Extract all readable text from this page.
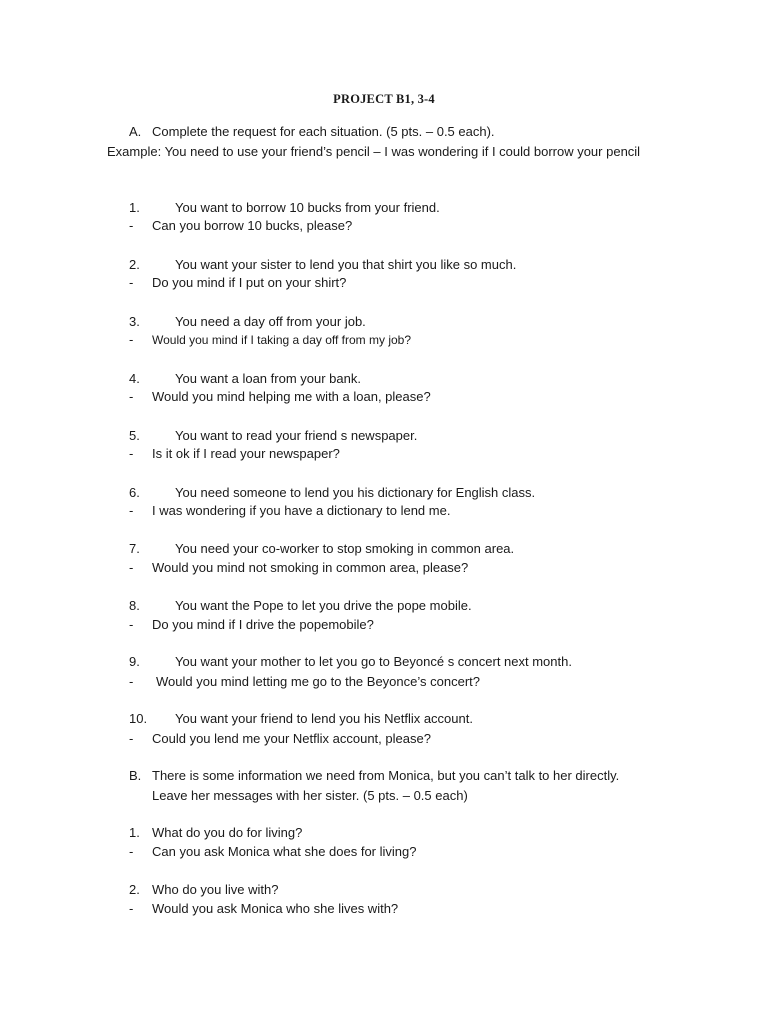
PROJECT B1, 3-4
A. Complete the request for each situation. (5 pts. – 0.5 each).
Example: You need to use your friend’s pencil – I was wondering if I could borrow your pencil
1.	You want to borrow 10 bucks from your friend.
- Can you borrow 10 bucks, please?
2.	You want your sister to lend you that shirt you like so much.
- Do you mind if I put on your shirt?
3.	You need a day off from your job.
- Would you mind if I taking a day off from my job?
4.	You want a loan from your bank.
- Would you mind helping me with a loan, please?
5.	You want to read your friend s newspaper.
- Is it ok if I read your newspaper?
6.	You need someone to lend you his dictionary for English class.
- I was wondering if you have a dictionary to lend me.
7.	You need your co-worker to stop smoking in common area.
- Would you mind not smoking in common area, please?
8.	You want the Pope to let you drive the pope mobile.
- Do you mind if I drive the popemobile?
9.	You want your mother to let you go to Beyoncé s concert next month.
- Would you mind letting me go to the Beyonce’s concert?
10. You want your friend to lend you his Netflix account.
- Could you lend me your Netflix account, please?
B. There is some information we need from Monica, but you can’t talk to her directly.
Leave her messages with her sister. (5 pts. – 0.5 each)
1. What do you do for living?
- Can you ask Monica what she does for living?
2. Who do you live with?
- Would you ask Monica who she lives with?
